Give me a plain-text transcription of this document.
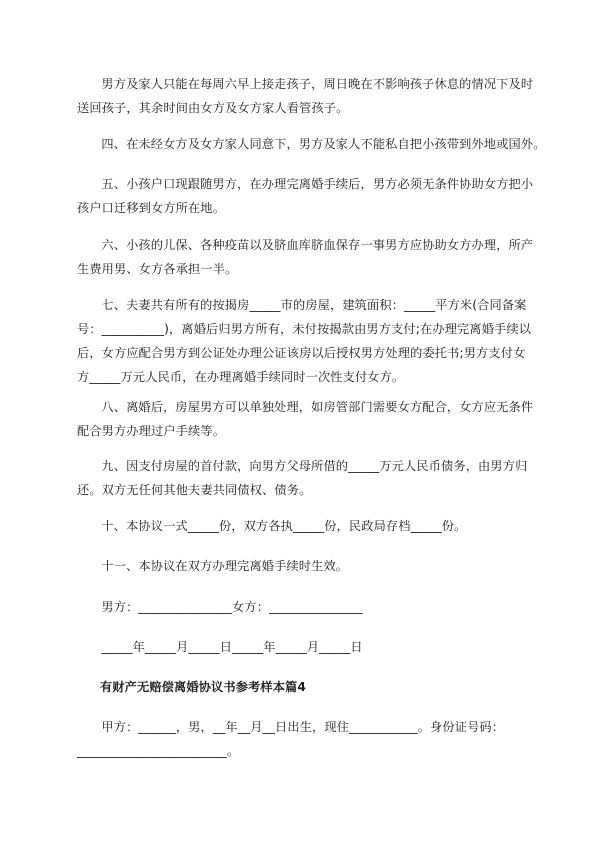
男方及家人只能在每周六早上接走孩子，周日晚在不影响孩子休息的情况下及时
送回孩子，其余时间由女方及女方家人看管孩子。

四、在未经女方及女方家人同意下，男方及家人不能私自把小孩带到外地或国外。

五、小孩户口现跟随男方，在办理完离婚手续后，男方必须无条件协助女方把小
孩户口迁移到女方所在地。

六、小孩的儿保、各种疫苗以及脐血库脐血保存一事男方应协助女方办理，所产
生费用男、女方各承担一半。

七、夫妻共有所有的按揭房_____市的房屋，建筑面积：_____平方米(合同备案
号：__________)，离婚后归男方所有，未付按揭款由男方支付;在办理完离婚手续以
后，女方应配合男方到公证处办理公证该房以后授权男方处理的委托书;男方支付女
方_____万元人民币，在办理离婚手续同时一次性支付女方。

八、离婚后，房屋男方可以单独处理，如房管部门需要女方配合，女方应无条件
配合男方办理过户手续等。

九、因支付房屋的首付款，向男方父母所借的_____万元人民币债务，由男方归
还。双方无任何其他夫妻共同债权、债务。

十、本协议一式_____份，双方各执_____份，民政局存档_____份。

十一、本协议在双方办理完离婚手续时生效。

男方：_______________女方：_______________

_____年_____月_____日_____年_____月_____日

有财产无赔偿离婚协议书参考样本篇4

甲方：______，男，__年__月__日出生，现住___________。身份证号码：
________________________。
